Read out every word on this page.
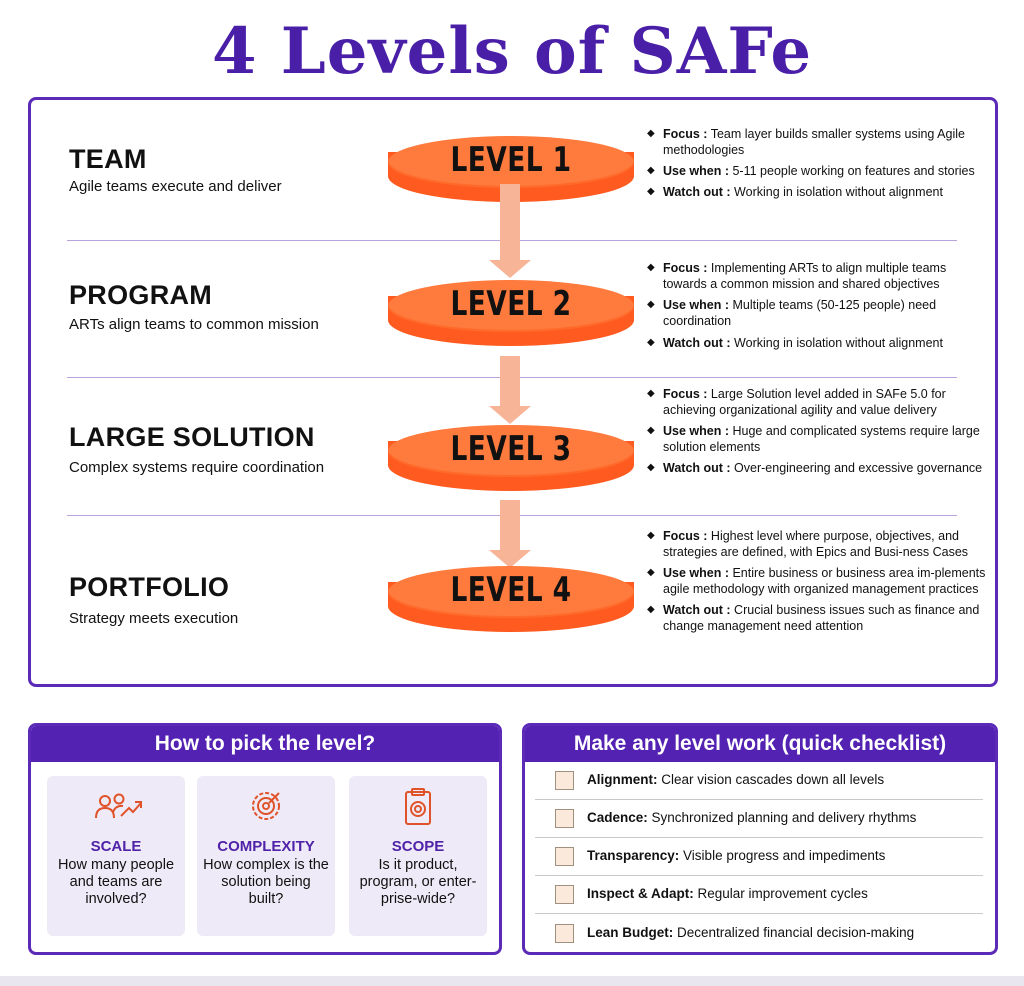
4 Levels of SAFe
TEAM
Agile teams execute and deliver
LEVEL 1
◆ Focus : Team layer builds smaller systems using Agile methodologies
◆ Use when : 5-11 people working on features and stories
◆ Watch out : Working in isolation without alignment
PROGRAM
ARTs align teams to common mission
LEVEL 2
◆ Focus : Implementing ARTs to align multiple teams towards a common mission and shared objectives
◆ Use when : Multiple teams (50-125 people) need coordination
◆ Watch out : Working in isolation without alignment
LARGE SOLUTION
Complex systems require coordination	LEVEL 3
◆ Focus : Large Solution level added in SAFe 5.0 for achieving organizational agility and value delivery
◆ Use when : Huge and complicated systems require large solution elements
◆ Watch out : Over-engineering and excessive governance
PORTFOLIO
Strategy meets execution
LEVEL 4
◆ Focus : Highest level where purpose, objectives, and strategies are defined, with Epics and Busi-ness Cases
◆ Use when : Entire business or business area im-plements agile methodology with organized management practices
◆ Watch out : Crucial business issues such as finance and change management need attention
How to pick the level?
SCALE
How many people and teams are involved?
COMPLEXITY
How complex is the solution being built?
SCOPE
Is it product, program, or enter-prise-wide?
Make any level work (quick checklist)
Alignment: Clear vision cascades down all levels
Cadence: Synchronized planning and delivery rhythms
Transparency: Visible progress and impediments
Inspect & Adapt: Regular improvement cycles
Lean Budget: Decentralized financial decision-making
